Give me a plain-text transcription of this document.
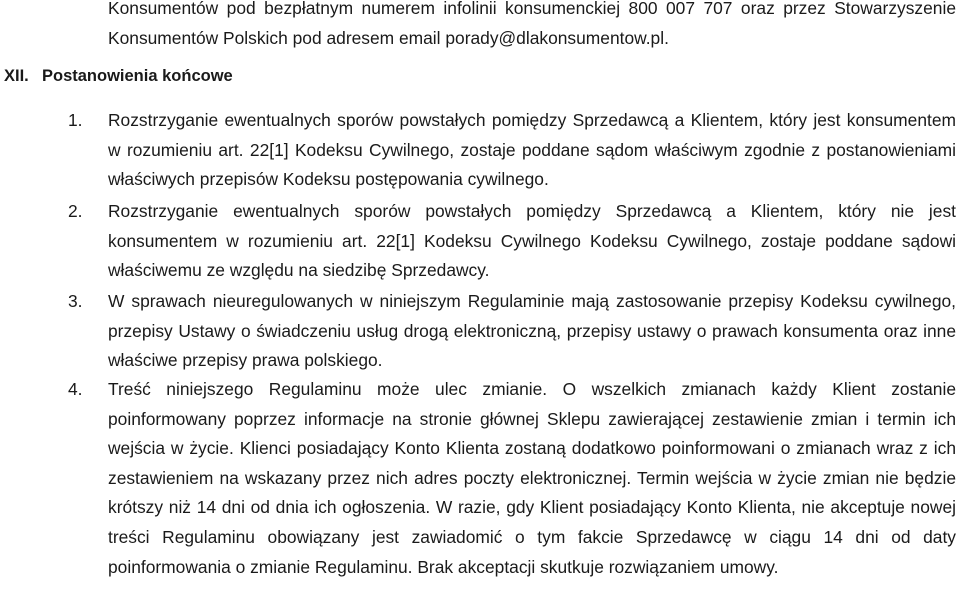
Konsumentów pod bezpłatnym numerem infolinii konsumenckiej 800 007 707 oraz przez Stowarzyszenie Konsumentów Polskich pod adresem email porady@dlakonsumentow.pl.

XII. Postanowienia końcowe
1. Rozstrzyganie ewentualnych sporów powstałych pomiędzy Sprzedawcą a Klientem, który jest konsumentem w rozumieniu art. 22[1] Kodeksu Cywilnego, zostaje poddane sądom właściwym zgodnie z postanowieniami właściwych przepisów Kodeksu postępowania cywilnego.
2. Rozstrzyganie ewentualnych sporów powstałych pomiędzy Sprzedawcą a Klientem, który nie jest konsumentem w rozumieniu art. 22[1] Kodeksu Cywilnego Kodeksu Cywilnego, zostaje poddane sądowi właściwemu ze względu na siedzibę Sprzedawcy.
3. W sprawach nieuregulowanych w niniejszym Regulaminie mają zastosowanie przepisy Kodeksu cywilnego, przepisy Ustawy o świadczeniu usług drogą elektroniczną, przepisy ustawy o prawach konsumenta oraz inne właściwe przepisy prawa polskiego.
4. Treść niniejszego Regulaminu może ulec zmianie. O wszelkich zmianach każdy Klient zostanie poinformowany poprzez informacje na stronie głównej Sklepu zawierającej zestawienie zmian i termin ich wejścia w życie. Klienci posiadający Konto Klienta zostaną dodatkowo poinformowani o zmianach wraz z ich zestawieniem na wskazany przez nich adres poczty elektronicznej. Termin wejścia w życie zmian nie będzie krótszy niż 14 dni od dnia ich ogłoszenia. W razie, gdy Klient posiadający Konto Klienta, nie akceptuje nowej treści Regulaminu obowiązany jest zawiadomić o tym fakcie Sprzedawcę w ciągu 14 dni od daty poinformowania o zmianie Regulaminu. Brak akceptacji skutkuje rozwiązaniem umowy.
